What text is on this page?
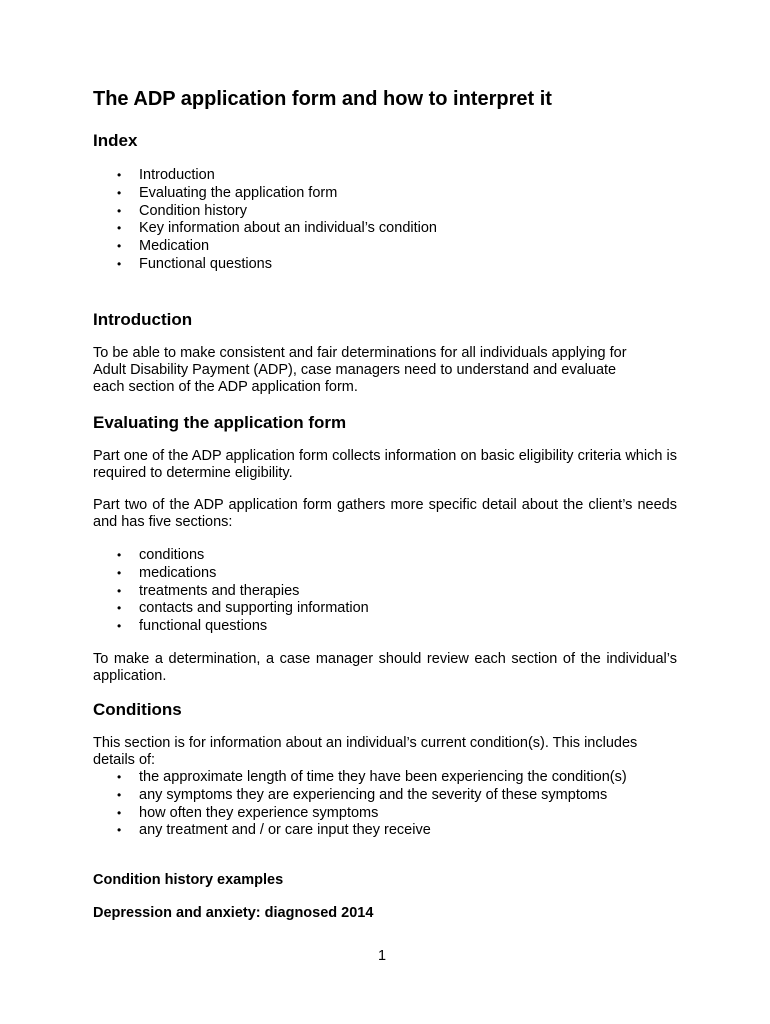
The ADP application form and how to interpret it
Index
• Introduction
• Evaluating the application form
• Condition history
• Key information about an individual’s condition
• Medication
• Functional questions
Introduction
To be able to make consistent and fair determinations for all individuals applying for
Adult Disability Payment (ADP), case managers need to understand and evaluate
each section of the ADP application form.
Evaluating the application form

Part one of the ADP application form collects information on basic eligibility criteria which is required to determine eligibility.

Part two of the ADP application form gathers more specific detail about the client’s needs and has five sections:

• conditions
• medications
• treatments and therapies
• contacts and supporting information
• functional questions

To make a determination, a case manager should review each section of the individual’s application.

Conditions

This section is for information about an individual’s current condition(s). This includes details of:

• the approximate length of time they have been experiencing the condition(s)
• any symptoms they are experiencing and the severity of these symptoms
• how often they experience symptoms
• any treatment and / or care input they receive
Condition history examples
Depression and anxiety: diagnosed 2014
1
